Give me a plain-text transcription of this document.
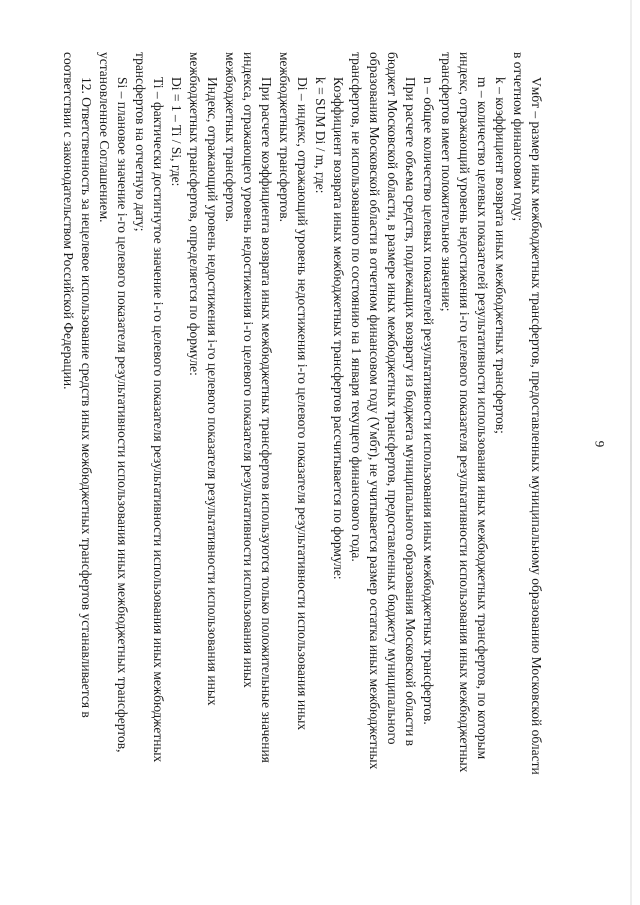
9
Vмбт – размер иных межбюджетных трансфертов, предоставленных муниципальному образованию Московской области
в отчетном финансовом году;
k – коэффициент возврата иных межбюджетных трансфертов;
m – количество целевых показателей результативности использования иных межбюджетных трансфертов, по которым
индекс, отражающий уровень недостижения i-го целевого показателя результативности использования иных межбюджетных
трансфертов имеет положительное значение;
n – общее количество целевых показателей результативности использования иных межбюджетных трансфертов.
При расчете объема средств, подлежащих возврату из бюджета муниципального образования Московской области в
бюджет Московской области, в размере иных межбюджетных трансфертов, предоставленных бюджету муниципального
образования Московской области в отчетном финансовом году (Vмбт), не учитывается размер остатка иных межбюджетных
трансфертов, не использованного по состоянию на 1 января текущего финансового года.
Коэффициент возврата иных межбюджетных трансфертов рассчитывается по формуле:
k = SUM Di / m, где:
Di – индекс, отражающий уровень недостижения i-го целевого показателя результативности использования иных
межбюджетных трансфертов.
При расчете коэффициента возврата иных межбюджетных трансфертов используются только положительные значения
индекса, отражающего уровень недостижения i-го целевого показателя результативности использования иных
межбюджетных трансфертов.
Индекс, отражающий уровень недостижения i-го целевого показателя результативности использования иных
межбюджетных трансфертов, определяется по формуле:
Di = 1 – Ti / Si, где:
Ti – фактически достигнутое значение i-го целевого показателя результативности использования иных межбюджетных
трансфертов на отчетную дату;
Si – плановое значение i-го целевого показателя результативности использования иных межбюджетных трансфертов,
установленное Соглашением.
12. Ответственность за нецелевое использование средств иных межбюджетных трансфертов устанавливается в
соответствии с законодательством Российской Федерации.
